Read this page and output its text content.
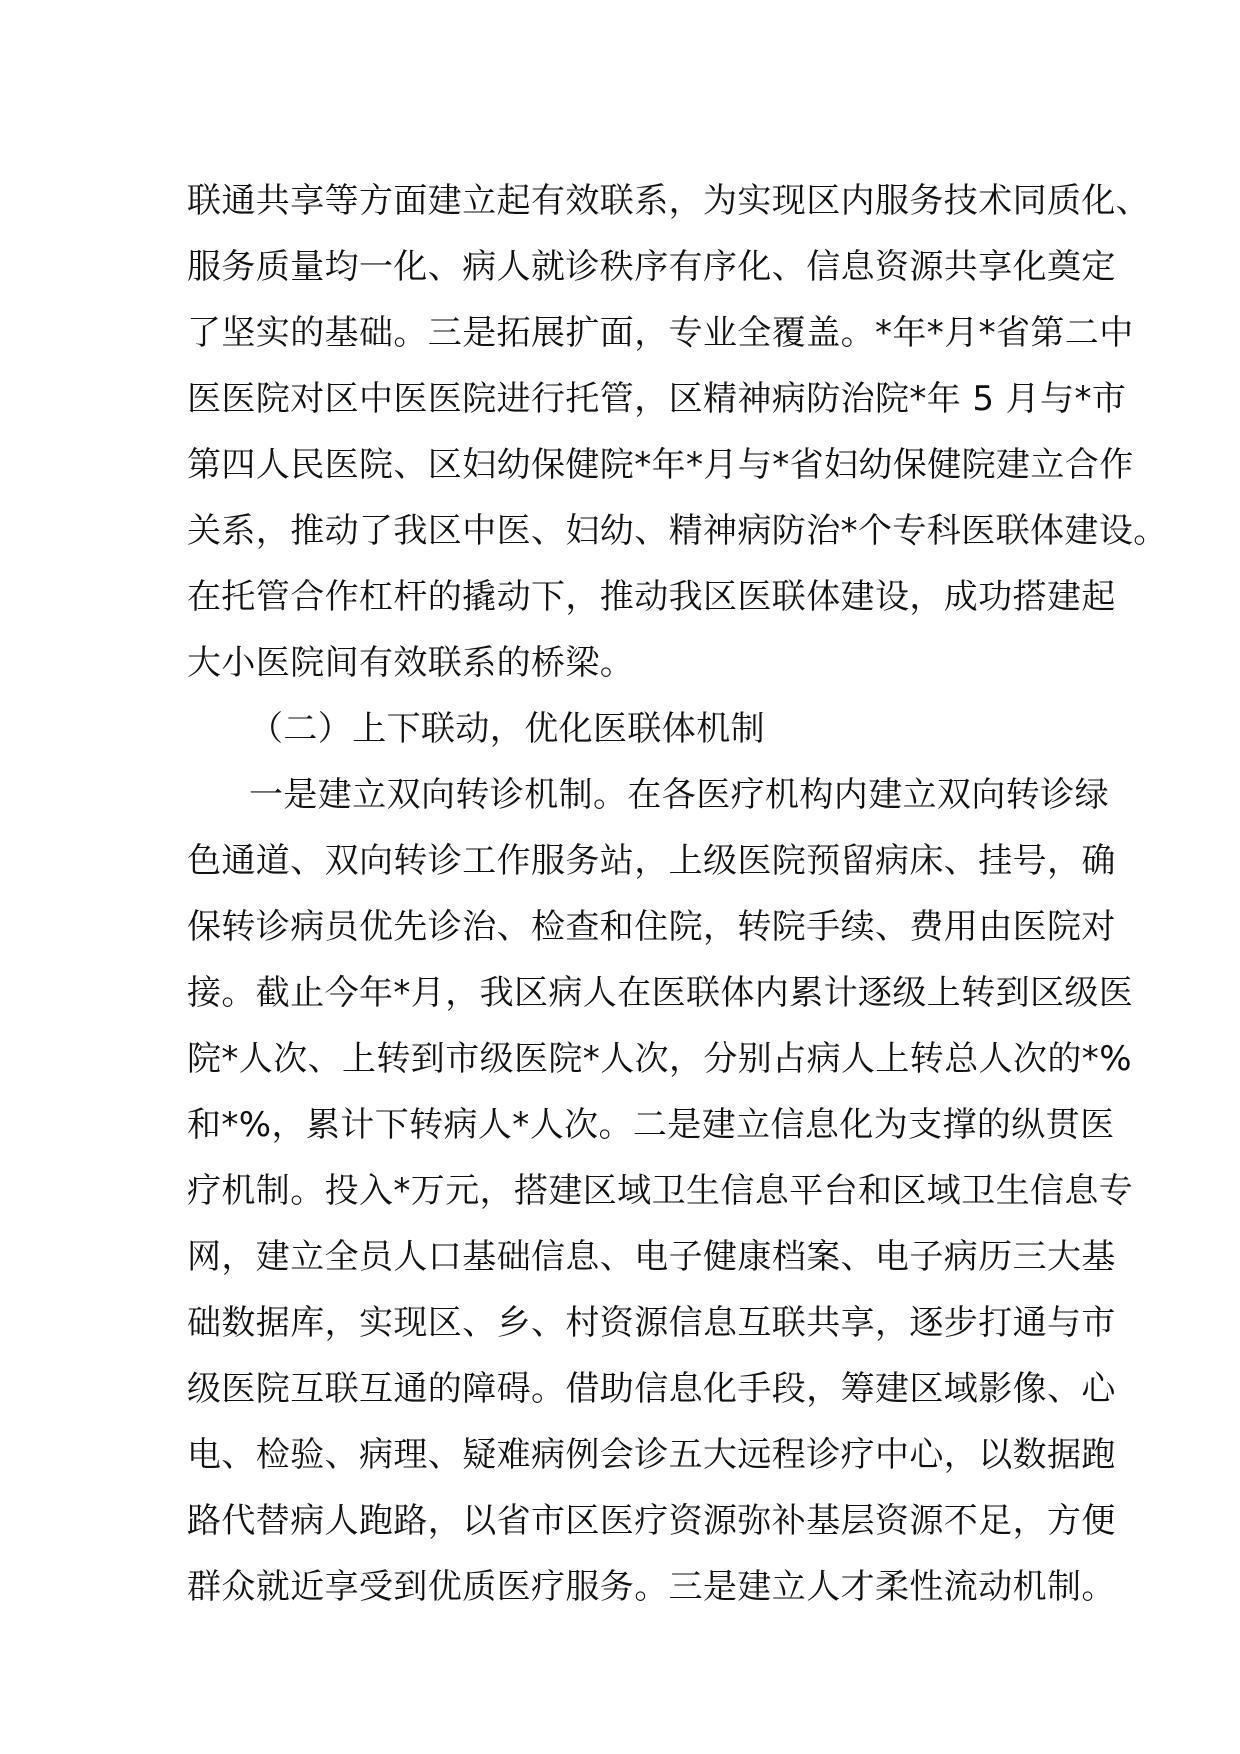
联通共享等方面建立起有效联系，为实现区内服务技术同质化、
服务质量均一化、病人就诊秩序有序化、信息资源共享化奠定
了坚实的基础。三是拓展扩面，专业全覆盖。*年*月*省第二中
医医院对区中医医院进行托管，区精神病防治院*年 5 月与*市
第四人民医院、区妇幼保健院*年*月与*省妇幼保健院建立合作
关系，推动了我区中医、妇幼、精神病防治*个专科医联体建设。
在托管合作杠杆的撬动下，推动我区医联体建设，成功搭建起
大小医院间有效联系的桥梁。
（二）上下联动，优化医联体机制
一是建立双向转诊机制。在各医疗机构内建立双向转诊绿
色通道、双向转诊工作服务站，上级医院预留病床、挂号，确
保转诊病员优先诊治、检查和住院，转院手续、费用由医院对
接。截止今年*月，我区病人在医联体内累计逐级上转到区级医
院*人次、上转到市级医院*人次，分别占病人上转总人次的*%
和*%，累计下转病人*人次。二是建立信息化为支撑的纵贯医
疗机制。投入*万元，搭建区域卫生信息平台和区域卫生信息专
网，建立全员人口基础信息、电子健康档案、电子病历三大基
础数据库，实现区、乡、村资源信息互联共享，逐步打通与市
级医院互联互通的障碍。借助信息化手段，筹建区域影像、心
电、检验、病理、疑难病例会诊五大远程诊疗中心，以数据跑
路代替病人跑路，以省市区医疗资源弥补基层资源不足，方便
群众就近享受到优质医疗服务。三是建立人才柔性流动机制。
